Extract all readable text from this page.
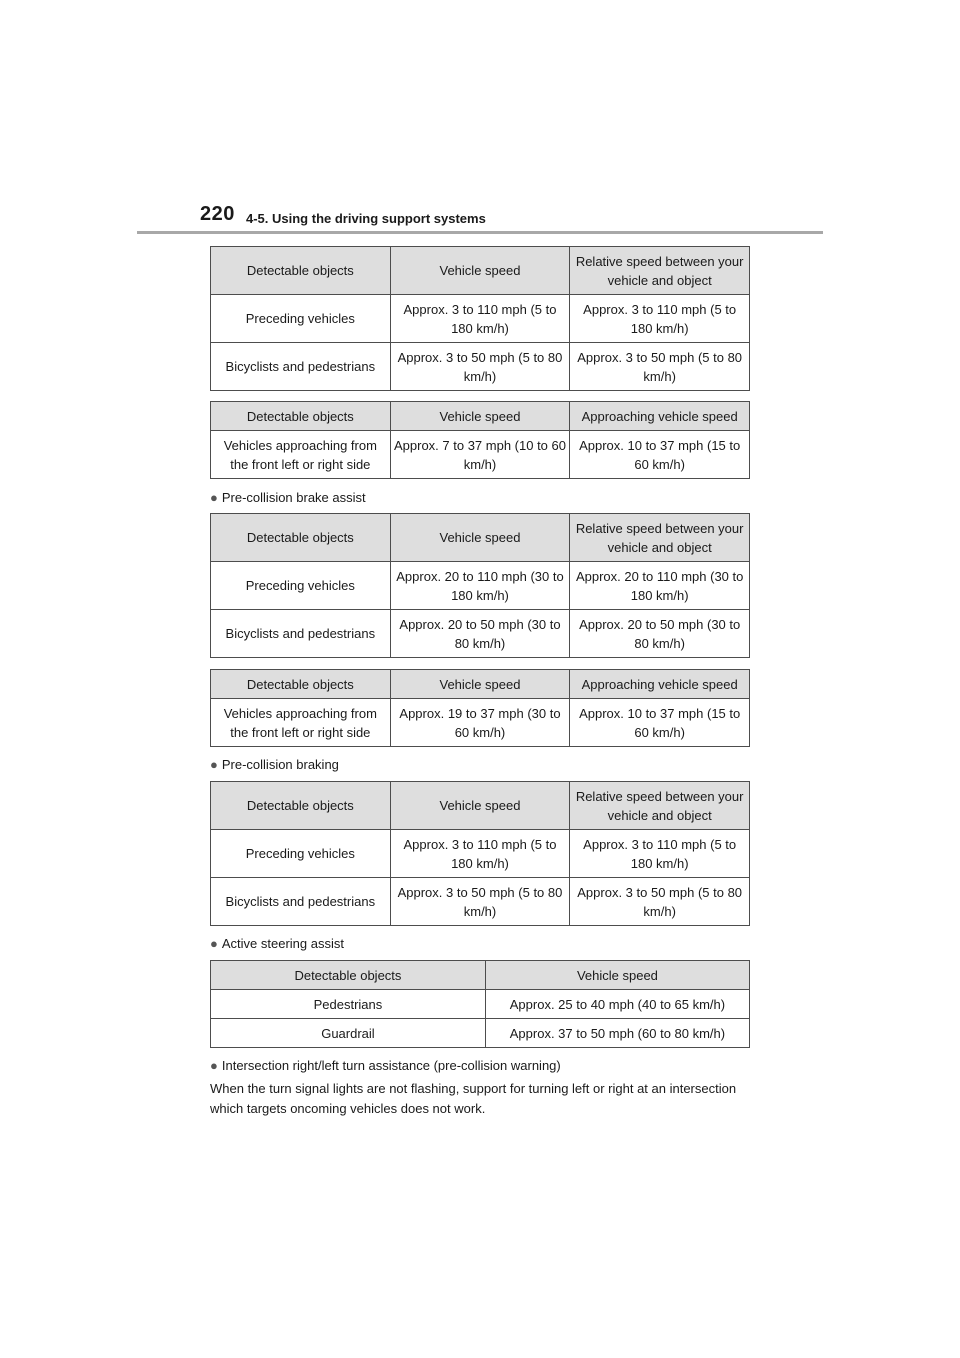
220 4-5. Using the driving support systems
Detectable objects	Vehicle speed	Relative speed between your vehicle and object
Preceding vehicles	Approx. 3 to 110 mph (5 to 180 km/h)	Approx. 3 to 110 mph (5 to 180 km/h)
Bicyclists and pedestrians	Approx. 3 to 50 mph (5 to 80 km/h)	Approx. 3 to 50 mph (5 to 80 km/h)
Detectable objects	Vehicle speed	Approaching vehicle speed
Vehicles approaching from the front left or right side	Approx. 7 to 37 mph (10 to 60 km/h)	Approx. 10 to 37 mph (15 to 60 km/h)
● Pre-collision brake assist
Detectable objects	Vehicle speed	Relative speed between your vehicle and object
Preceding vehicles	Approx. 20 to 110 mph (30 to 180 km/h)	Approx. 20 to 110 mph (30 to 180 km/h)
Bicyclists and pedestrians	Approx. 20 to 50 mph (30 to 80 km/h)	Approx. 20 to 50 mph (30 to 80 km/h)
Detectable objects	Vehicle speed	Approaching vehicle speed
Vehicles approaching from the front left or right side	Approx. 19 to 37 mph (30 to 60 km/h)	Approx. 10 to 37 mph (15 to 60 km/h)
● Pre-collision braking
Detectable objects	Vehicle speed	Relative speed between your vehicle and object
Preceding vehicles	Approx. 3 to 110 mph (5 to 180 km/h)	Approx. 3 to 110 mph (5 to 180 km/h)
Bicyclists and pedestrians	Approx. 3 to 50 mph (5 to 80 km/h)	Approx. 3 to 50 mph (5 to 80 km/h)
● Active steering assist
Detectable objects	Vehicle speed
Pedestrians	Approx. 25 to 40 mph (40 to 65 km/h)
Guardrail	Approx. 37 to 50 mph (60 to 80 km/h)
● Intersection right/left turn assistance (pre-collision warning)
When the turn signal lights are not flashing, support for turning left or right at an intersection which targets oncoming vehicles does not work.
